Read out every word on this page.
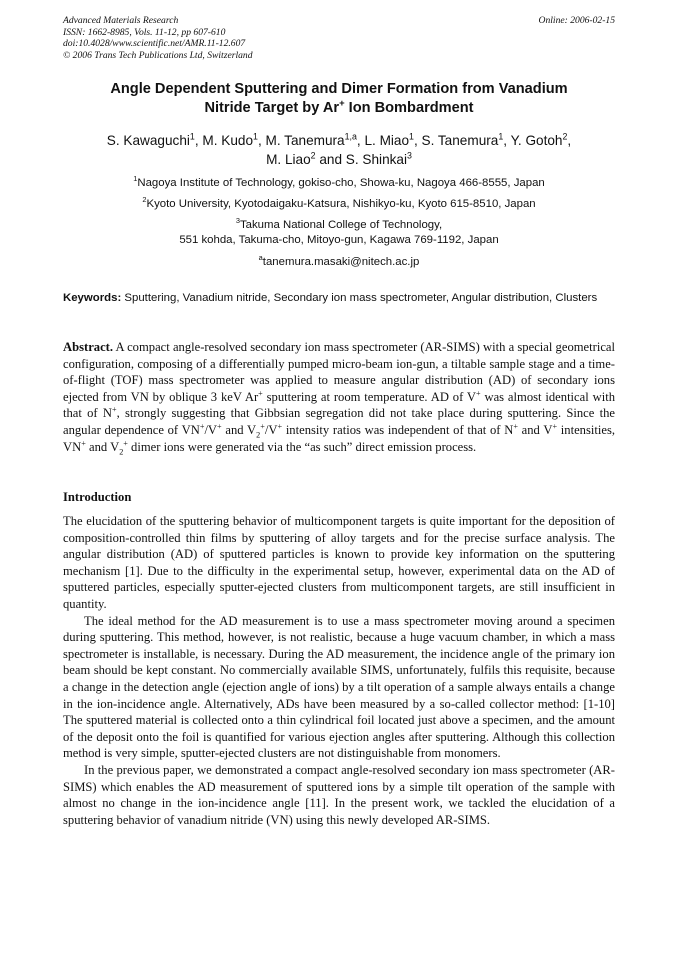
Advanced Materials Research
ISSN: 1662-8985, Vols. 11-12, pp 607-610
doi:10.4028/www.scientific.net/AMR.11-12.607
© 2006 Trans Tech Publications Ltd, Switzerland
Online: 2006-02-15
Angle Dependent Sputtering and Dimer Formation from Vanadium
Nitride Target by Ar+ Ion Bombardment
S. Kawaguchi$^1$, M. Kudo$^1$, M. Tanemura$^{1,a}$, L. Miao$^1$, S. Tanemura$^1$, Y. Gotoh$^2$,
M. Liao$^2$ and S. Shinkai$^3$
$^1$Nagoya Institute of Technology, gokiso-cho, Showa-ku, Nagoya 466-8555, Japan
$^2$Kyoto University, Kyotodaigaku-Katsura, Nishikyo-ku, Kyoto 615-8510, Japan
$^3$Takuma National College of Technology,
551 kohda, Takuma-cho, Mitoyo-gun, Kagawa 769-1192, Japan
$^a$tanemura.masaki@nitech.ac.jp
Keywords: Sputtering, Vanadium nitride, Secondary ion mass spectrometer, Angular distribution, Clusters

Abstract. A compact angle-resolved secondary ion mass spectrometer (AR-SIMS) with a special geometrical configuration, composing of a differentially pumped micro-beam ion-gun, a tiltable sample stage and a time-of-flight (TOF) mass spectrometer was applied to measure angular distribution (AD) of secondary ions ejected from VN by oblique 3 keV Ar+ sputtering at room temperature. AD of V+ was almost identical with that of N+, strongly suggesting that Gibbsian segregation did not take place during sputtering. Since the angular dependence of VN+/V+ and $V_2^+/V^+$ intensity ratios was independent of that of N+ and V+ intensities, VN+ and $V_2^+$ dimer ions were generated via the “as such” direct emission process.

Introduction

The elucidation of the sputtering behavior of multicomponent targets is quite important for the deposition of composition-controlled thin films by sputtering of alloy targets and for the precise surface analysis. The angular distribution (AD) of sputtered particles is known to provide key information on the sputtering mechanism [1]. Due to the difficulty in the experimental setup, however, experimental data on the AD of sputtered particles, especially sputter-ejected clusters from multicomponent targets, are still insufficient in quantity.

The ideal method for the AD measurement is to use a mass spectrometer moving around a specimen during sputtering. This method, however, is not realistic, because a huge vacuum chamber, in which a mass spectrometer is installable, is necessary. During the AD measurement, the incidence angle of the primary ion beam should be kept constant. No commercially available SIMS, unfortunately, fulfils this requisite, because a change in the detection angle (ejection angle of ions) by a tilt operation of a sample always entails a change in the ion-incidence angle. Alternatively, ADs have been measured by a so-called collector method: [1-10] The sputtered material is collected onto a thin cylindrical foil located just above a specimen, and the amount of the deposit onto the foil is quantified for various ejection angles after sputtering. Although this collection method is very simple, sputter-ejected clusters are not distinguishable from monomers.

In the previous paper, we demonstrated a compact angle-resolved secondary ion mass spectrometer (AR-SIMS) which enables the AD measurement of sputtered ions by a simple tilt operation of the sample with almost no change in the ion-incidence angle [11]. In the present work, we tackled the elucidation of a sputtering behavior of vanadium nitride (VN) using this newly developed AR-SIMS.
